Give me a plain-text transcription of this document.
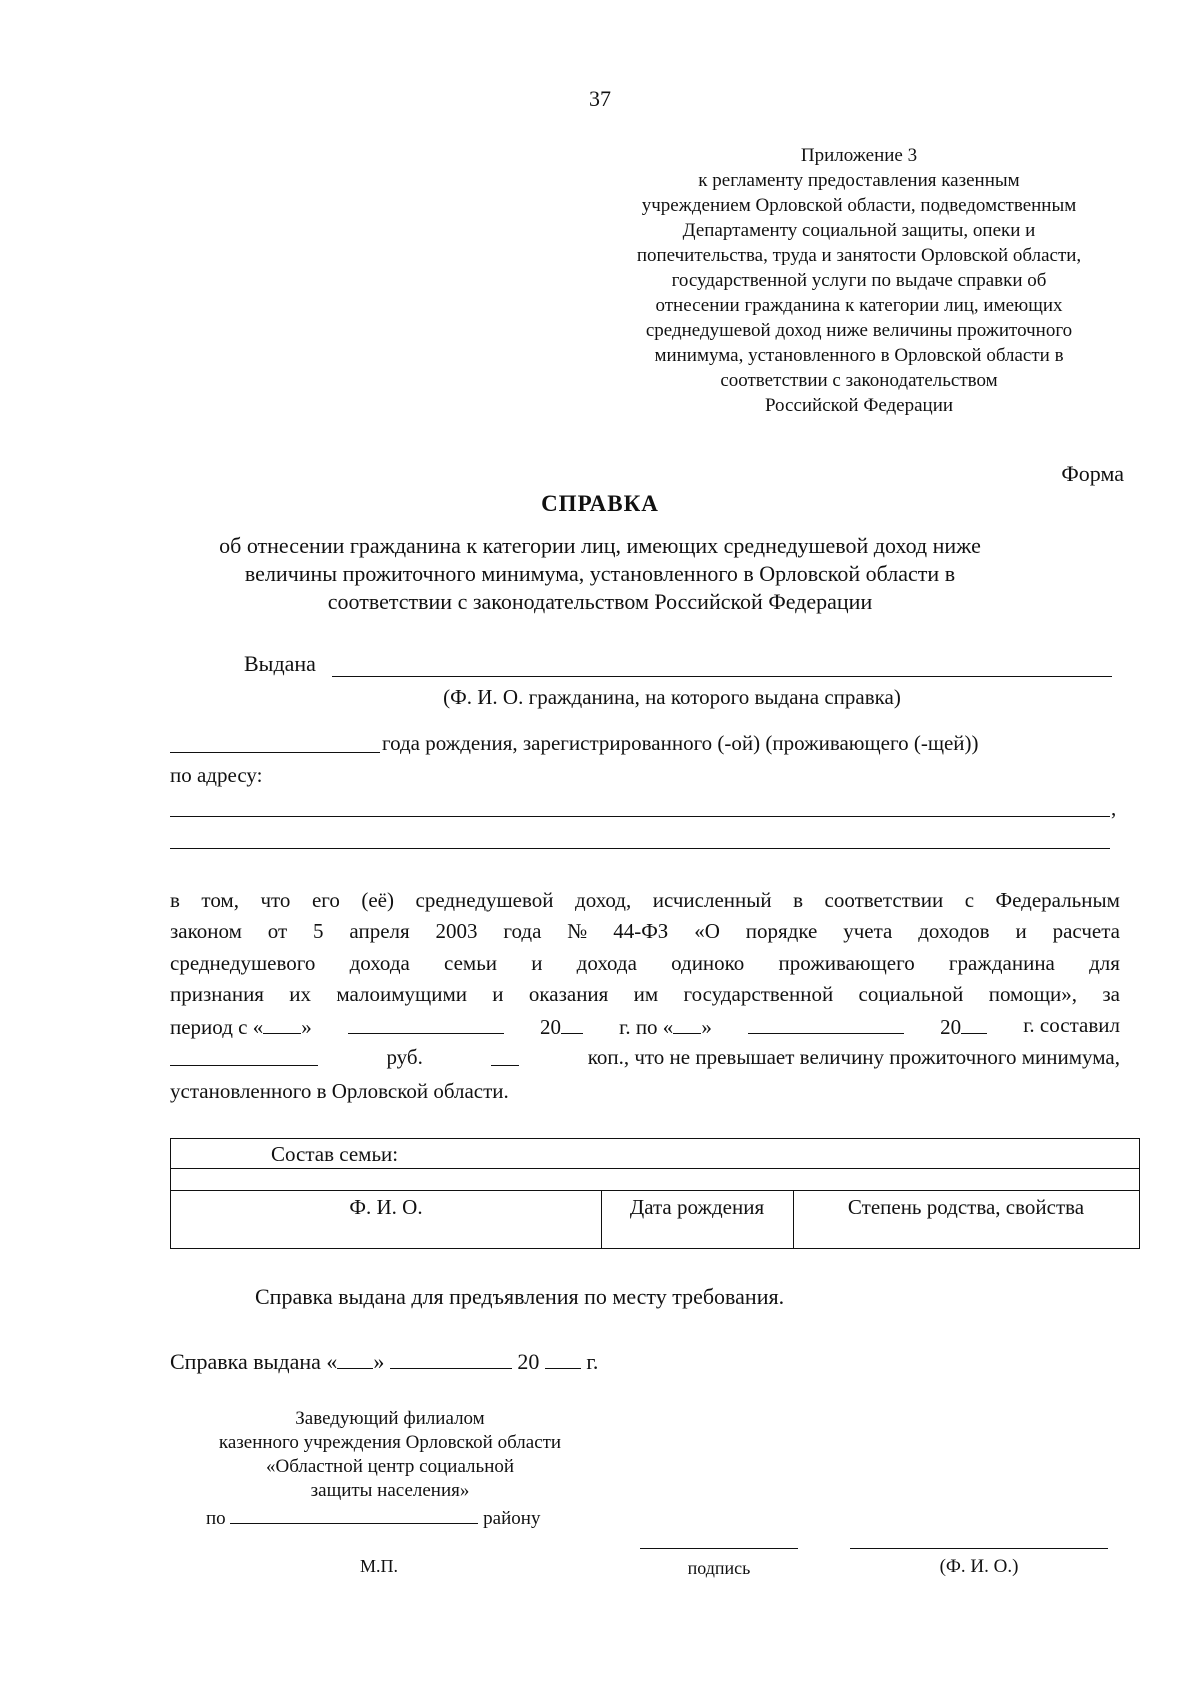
37
Приложение 3
к регламенту предоставления казенным
учреждением Орловской области, подведомственным
Департаменту социальной защиты, опеки и
попечительства, труда и занятости Орловской области,
государственной услуги по выдаче справки об
отнесении гражданина к категории лиц, имеющих
среднедушевой доход ниже величины прожиточного
минимума, установленного в Орловской области в
соответствии с законодательством
Российской Федерации
Форма
СПРАВКА
об отнесении гражданина к категории лиц, имеющих среднедушевой доход ниже
величины прожиточного минимума, установленного в Орловской области в
соответствии с законодательством Российской Федерации
Выдана
(Ф. И. О. гражданина, на которого выдана справка)
года рождения, зарегистрированного (-ой) (проживающего (-щей))
по адресу:
,
в том, что его (её) среднедушевой доход, исчисленный в соответствии с Федеральным
законом от 5 апреля 2003 года № 44-ФЗ «О порядке учета доходов и расчета
среднедушевого дохода семьи и дохода одиноко проживающего гражданина для
признания их малоимущими и оказания им государственной социальной помощи», за
период с « »	20	г. по « »	20	г. составил
руб.	коп., что не превышает величину прожиточного минимума,
установленного в Орловской области.
Состав семьи:
Ф. И. О.	Дата рождения	Степень родства, свойства
Справка выдана для предъявления по месту требования.
Справка выдана « »	20 г.
Заведующий филиалом
казенного учреждения Орловской области
«Областной центр социальной
защиты населения»
по	району
М.П.	подпись	(Ф. И. О.)
